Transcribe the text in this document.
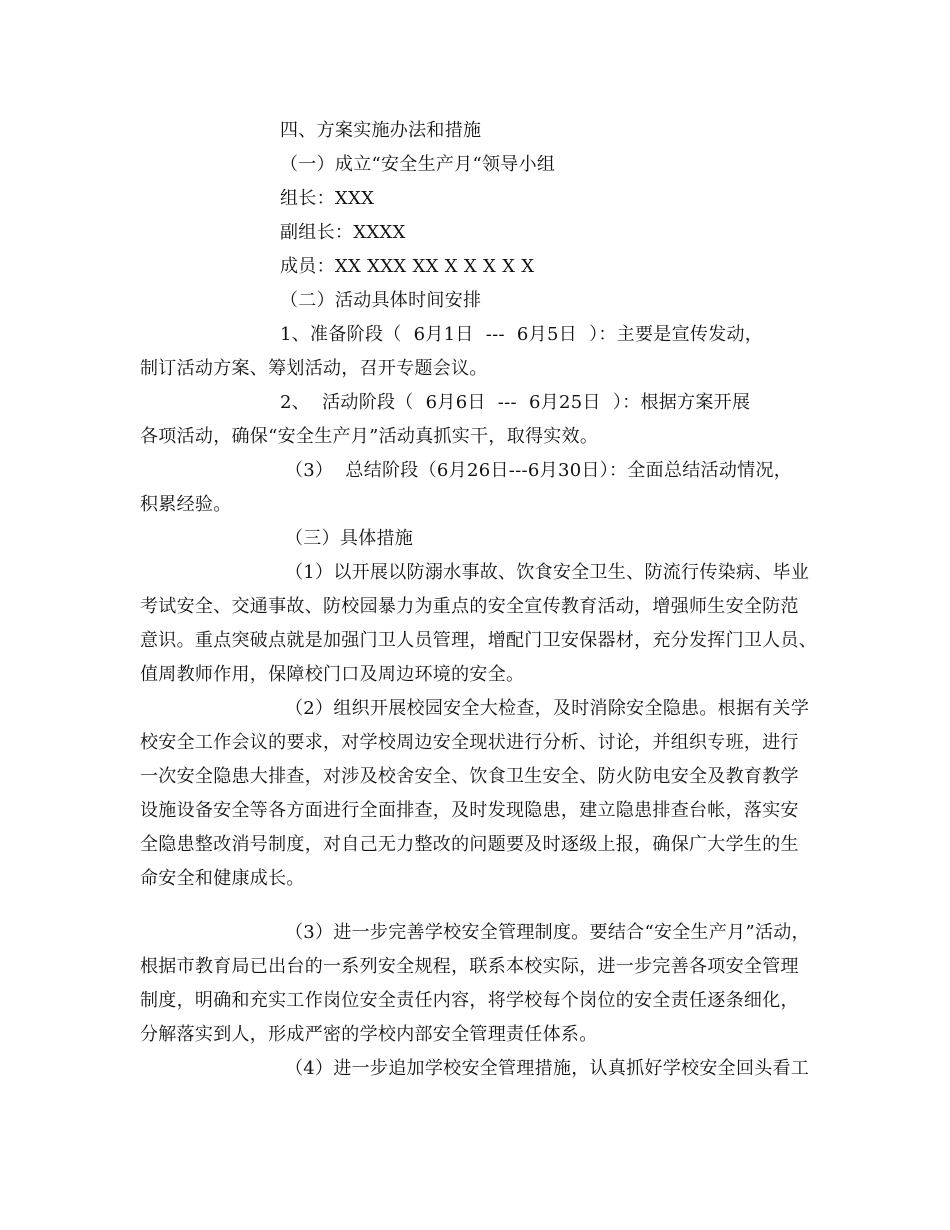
四、方案实施办法和措施
（一）成立“安全生产月“领导小组
组长：XXX
副组长：XXXX
成员：XX XXX XX X X X X X
（二）活动具体时间安排
1、准备阶段（  6月1日  ---  6月5日  ）：主要是宣传发动，
制订活动方案、筹划活动，召开专题会议。
2、  活动阶段（  6月6日  ---  6月25日  ）：根据方案开展
各项活动，确保“安全生产月”活动真抓实干，取得实效。
（3）  总结阶段（6月26日---6月30日）：全面总结活动情况，
积累经验。
（三）具体措施
（1）以开展以防溺水事故、饮食安全卫生、防流行传染病、毕业
考试安全、交通事故、防校园暴力为重点的安全宣传教育活动，增强师生安全防范
意识。重点突破点就是加强门卫人员管理，增配门卫安保器材，充分发挥门卫人员、
值周教师作用，保障校门口及周边环境的安全。
（2）组织开展校园安全大检查，及时消除安全隐患。根据有关学
校安全工作会议的要求，对学校周边安全现状进行分析、讨论，并组织专班，进行
一次安全隐患大排查，对涉及校舍安全、饮食卫生安全、防火防电安全及教育教学
设施设备安全等各方面进行全面排查，及时发现隐患，建立隐患排查台帐，落实安
全隐患整改消号制度，对自己无力整改的问题要及时逐级上报，确保广大学生的生
命安全和健康成长。
（3）进一步完善学校安全管理制度。要结合“安全生产月”活动，
根据市教育局已出台的一系列安全规程，联系本校实际，进一步完善各项安全管理
制度，明确和充实工作岗位安全责任内容，将学校每个岗位的安全责任逐条细化，
分解落实到人，形成严密的学校内部安全管理责任体系。
（4）进一步追加学校安全管理措施，认真抓好学校安全回头看工
